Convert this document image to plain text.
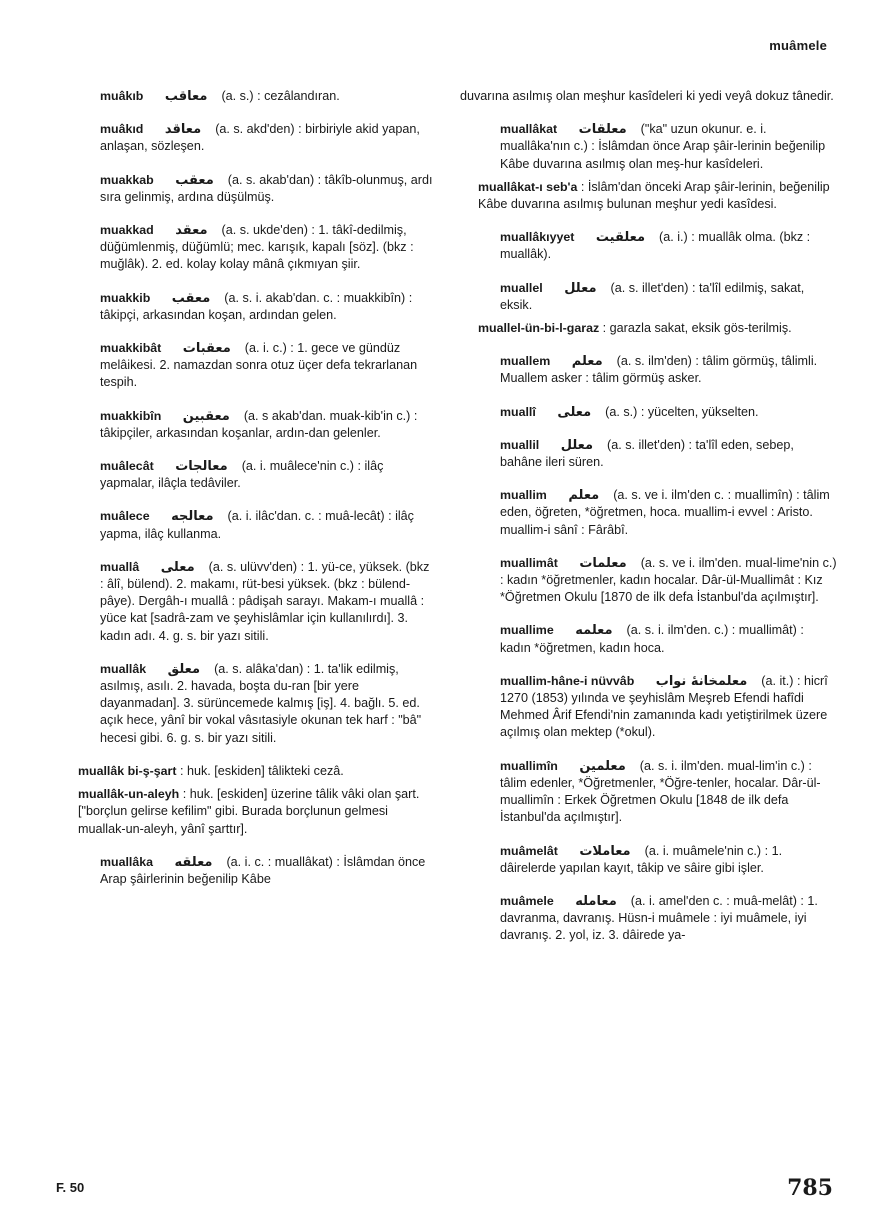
muâmele
muâkıb معاقب (a. s.) : cezâlandıran.
muâkıd معاقد (a. s. akd'den) : birbiriyle akid yapan, anlaşan, sözleşen.
muakkab معقب (a. s. akab'dan) : tâkîb-olunmuş, ardı sıra gelinmiş, ardına düşülmüş.
muakkad معقد (a. s. ukde'den) : 1. tâkî-dedilmiş, düğümlenmiş, düğümlü; mec. karışık, kapalı [söz]. (bkz : muğlâk). 2. ed. kolay kolay mânâ çıkmıyan şiir.
muakkib معقب (a. s. i. akab'dan. c. : muakkibîn) : tâkipçi, arkasından koşan, ardından gelen.
muakkibât معقبات (a. i. c.) : 1. gece ve gündüz melâikesi. 2. namazdan sonra otuz üçer defa tekrarlanan tespih.
muakkibîn معقبين (a. s akab'dan. muak-kib'in c.) : tâkipçiler, arkasından koşanlar, ardın-dan gelenler.
muâlecât معالجات (a. i. muâlece'nin c.) : ilâç yapmalar, ilâçla tedâviler.
muâlece معالجه (a. i. ilâc'dan. c. : muâ-lecât) : ilâç yapma, ilâç kullanma.
muallâ معلى (a. s. ulüvv'den) : 1. yü-ce, yüksek. (bkz : âlî, bülend). 2. makamı, rüt-besi yüksek. (bkz : bülend-pâye). Dergâh-ı muallâ : pâdişah sarayı. Makam-ı muallâ : yüce kat [sadrâ-zam ve şeyhislâmlar için kullanılırdı]. 3. kadın adı. 4. g. s. bir yazı sitili.
muallâk معلق (a. s. alâka'dan) : 1. ta'lik edilmiş, asılmış, asılı. 2. havada, boşta du-ran [bir yere dayanmadan]. 3. sürüncemede kalmış [iş]. 4. bağlı. 5. ed. açık hece, yânî bir vokal vâsıtasiyle okunan tek harf : "bâ" hecesi gibi. 6. g. s. bir yazı sitili.
muallâk bi-ş-şart : huk. [eskiden] tâlikteki cezâ.
muallâk-un-aleyh : huk. [eskiden] üzerine tâlik vâki olan şart. ["borçlun gelirse kefilim" gibi. Burada borçlunun gelmesi muallak-un-aleyh, yânî şarttır].
muallâka معلقه (a. i. c. : muallâkat) : İslâmdan önce Arap şâirlerinin beğenilip Kâbe
duvarına asılmış olan meşhur kasîdeleri ki yedi veyâ dokuz tânedir.
muallâkat معلقات ("ka" uzun okunur. e. i. muallâka'nın c.) : İslâmdan önce Arap şâir-lerinin beğenilip Kâbe duvarına asılmış olan meş-hur kasîdeleri.
muallâkat-ı seb'a : İslâm'dan önceki Arap şâir-lerinin, beğenilip Kâbe duvarına asılmış bulunan meşhur yedi kasîdesi.
muallâkıyyet معلقيت (a. i.) : muallâk olma. (bkz : muallâk).
muallel معلل (a. s. illet'den) : ta'lîl edilmiş, sakat, eksik.
muallel-ün-bi-l-garaz : garazla sakat, eksik gös-terilmiş.
muallem معلم (a. s. ilm'den) : tâlim görmüş, tâlimli. Muallem asker : tâlim görmüş asker.
muallî معلى (a. s.) : yücelten, yükselten.
muallil معلل (a. s. illet'den) : ta'lîl eden, sebep, bahâne ileri süren.
muallim معلم (a. s. ve i. ilm'den c. : muallimîn) : tâlim eden, öğreten, *öğretmen, hoca. muallim-i evvel : Aristo. muallim-i sânî : Fârâbî.
muallimât معلمات (a. s. ve i. ilm'den. mual-lime'nin c.) : kadın *öğretmenler, kadın hocalar. Dâr-ül-Muallimât : Kız *Öğretmen Okulu [1870 de ilk defa İstanbul'da açılmıştır].
muallime معلمه (a. s. i. ilm'den. c.) : muallimât) : kadın *öğretmen, kadın hoca.
muallim-hâne-i nüvvâb معلمخانۀ نواب (a. it.) : hicrî 1270 (1853) yılında ve şeyhislâm Meşreb Efendi hafîdi Mehmed Ârif Efendi'nin zamanında kadı yetiştirilmek üzere açılmış olan mektep (*okul).
muallimîn معلمين (a. s. i. ilm'den. mual-lim'in c.) : tâlim edenler, *Öğretmenler, *Öğre-tenler, hocalar. Dâr-ül-muallimîn : Erkek Öğretmen Okulu [1848 de ilk defa İstanbul'da açılmıştır].
muâmelât معاملات (a. i. muâmele'nin c.) : 1. dâirelerde yapılan kayıt, tâkip ve sâire gibi işler.
muâmele معامله (a. i. amel'den c. : muâ-melât) : 1. davranma, davranış. Hüsn-i muâmele : iyi muâmele, iyi davranış. 2. yol, iz. 3. dâirede ya-
F. 50	785
